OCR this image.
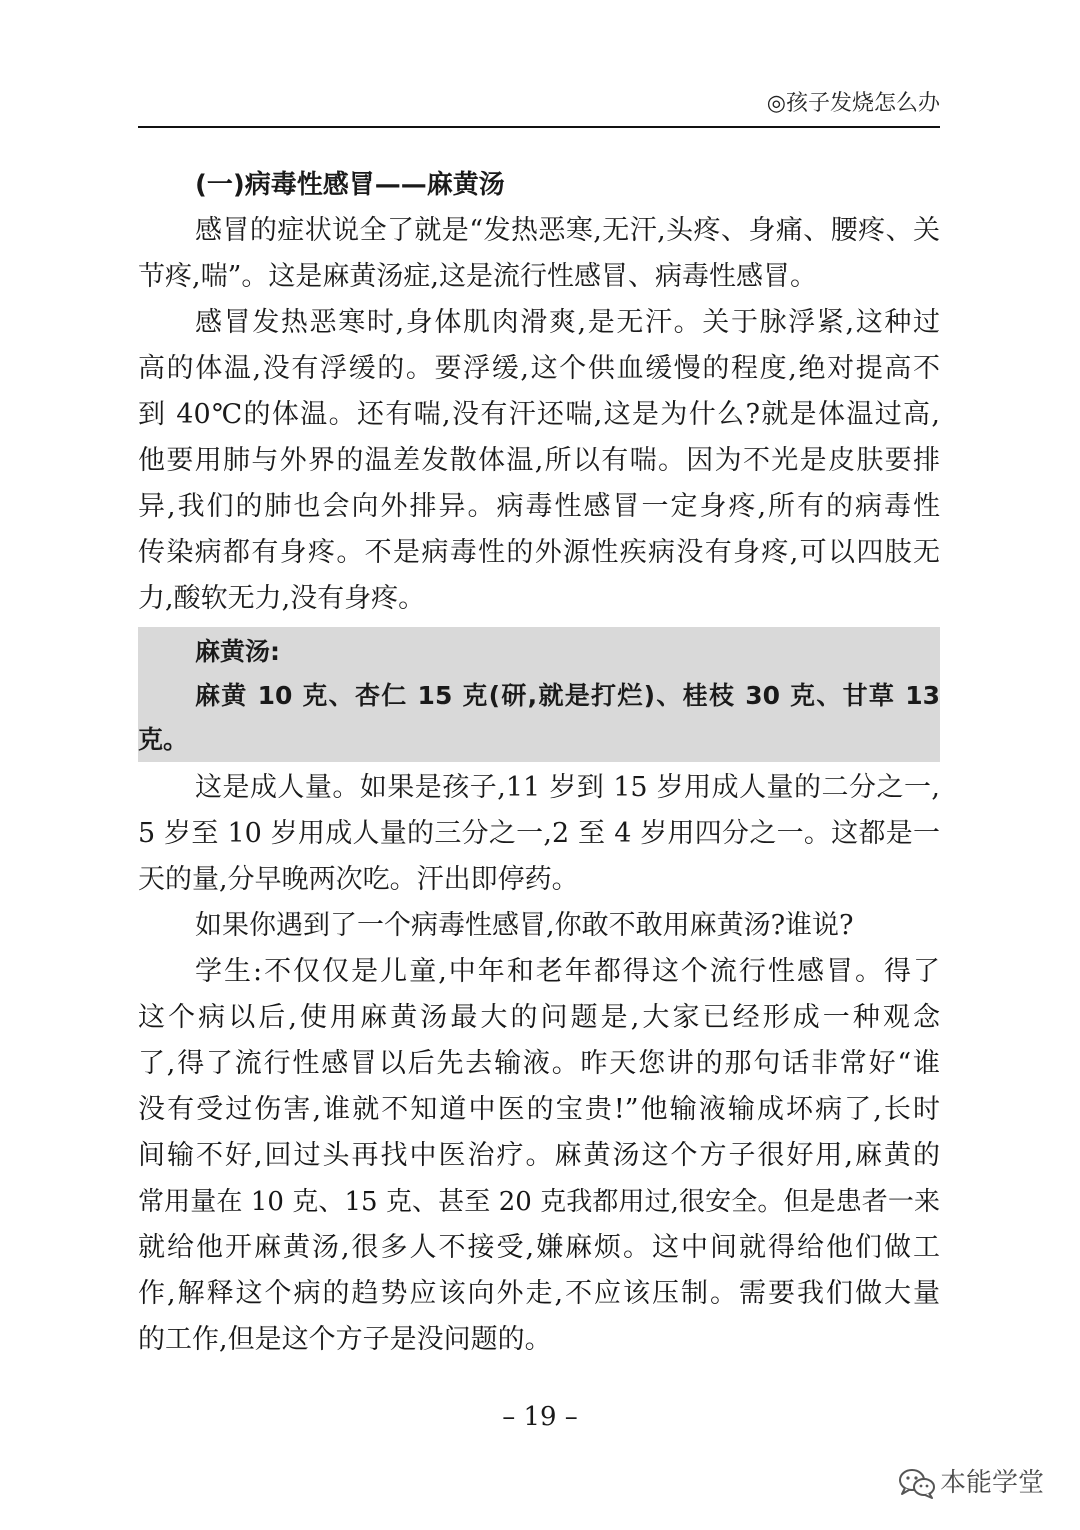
◎孩子发烧怎么办
(一)病毒性感冒——麻黄汤
感冒的症状说全了就是“发热恶寒,无汗,头疼、身痛、腰疼、关
节疼,喘”。这是麻黄汤症,这是流行性感冒、病毒性感冒。
感冒发热恶寒时,身体肌肉滑爽,是无汗。关于脉浮紧,这种过
高的体温,没有浮缓的。要浮缓,这个供血缓慢的程度,绝对提高不
到 40℃的体温。还有喘,没有汗还喘,这是为什么?就是体温过高,
他要用肺与外界的温差发散体温,所以有喘。因为不光是皮肤要排
异,我们的肺也会向外排异。病毒性感冒一定身疼,所有的病毒性
传染病都有身疼。不是病毒性的外源性疾病没有身疼,可以四肢无
力,酸软无力,没有身疼。
麻黄汤:
麻黄 10 克、杏仁 15 克(研,就是打烂)、桂枝 30 克、甘草 13
克。
这是成人量。如果是孩子,11 岁到 15 岁用成人量的二分之一,
5 岁至 10 岁用成人量的三分之一,2 至 4 岁用四分之一。这都是一
天的量,分早晚两次吃。汗出即停药。
如果你遇到了一个病毒性感冒,你敢不敢用麻黄汤?谁说?
学生:不仅仅是儿童,中年和老年都得这个流行性感冒。得了
这个病以后,使用麻黄汤最大的问题是,大家已经形成一种观念
了,得了流行性感冒以后先去输液。昨天您讲的那句话非常好“谁
没有受过伤害,谁就不知道中医的宝贵!”他输液输成坏病了,长时
间输不好,回过头再找中医治疗。麻黄汤这个方子很好用,麻黄的
常用量在 10 克、15 克、甚至 20 克我都用过,很安全。但是患者一来
就给他开麻黄汤,很多人不接受,嫌麻烦。这中间就得给他们做工
作,解释这个病的趋势应该向外走,不应该压制。需要我们做大量
的工作,但是这个方子是没问题的。
– 19 –
本能学堂
